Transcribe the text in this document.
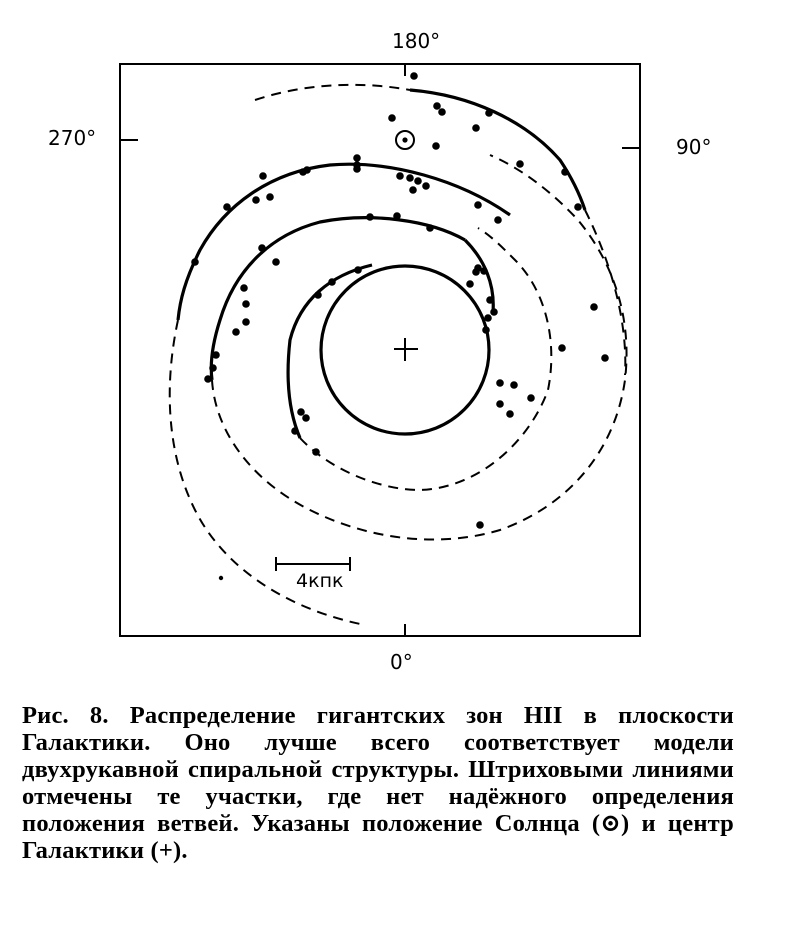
180°
270°	90°
0°
4кпк
Рис. 8. Распределение гигантских зон HII в плоскости Галактики. Оно лучше всего соответствует модели двухрукавной спиральной структуры. Штриховыми линиями отмечены те участки, где нет надёжного определения положения ветвей. Указаны положение Солнца (⊙) и центр Галактики (+).
